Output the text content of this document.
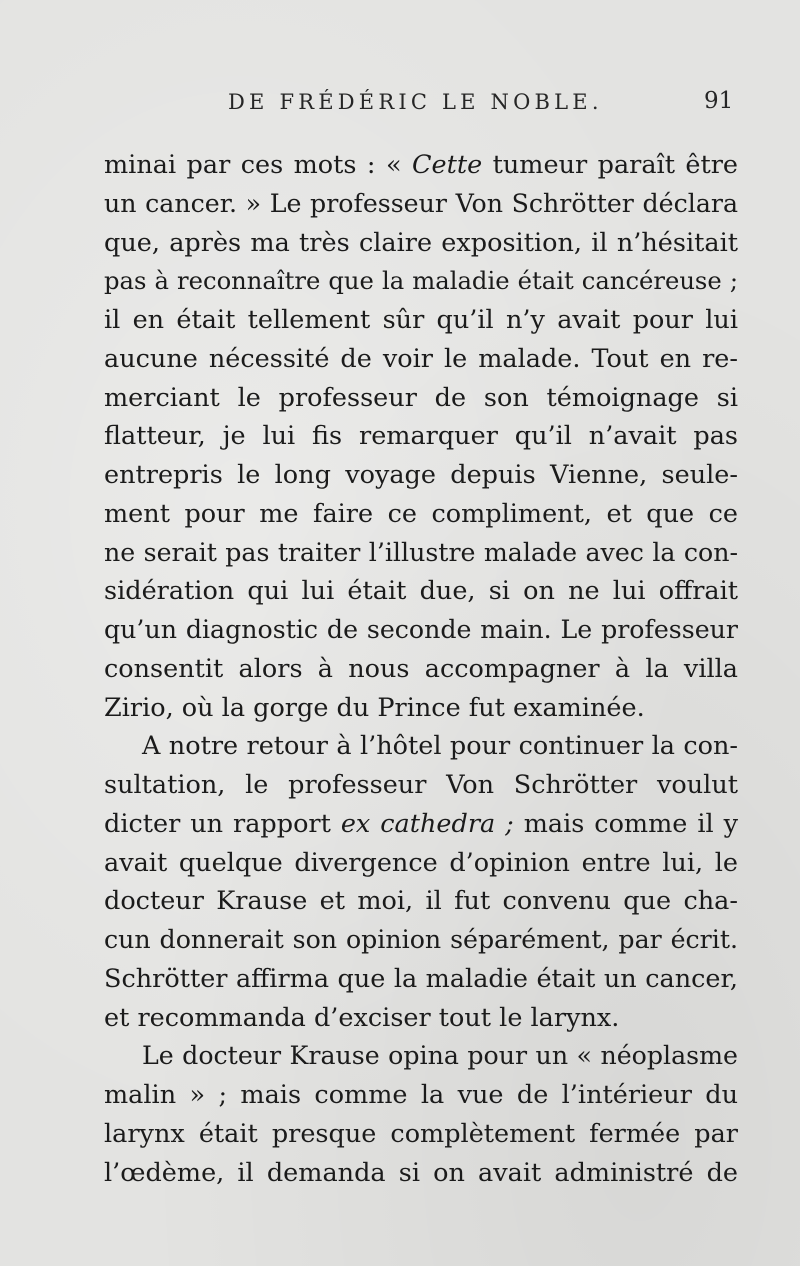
DE FRÉDÉRIC LE NOBLE.	91
minai par ces mots : « Cette tumeur paraît être
un cancer. » Le professeur Von Schrötter déclara
que, après ma très claire exposition, il n’hésitait
pas à reconnaître que la maladie était cancéreuse ;
il en était tellement sûr qu’il n’y avait pour lui
aucune nécessité de voir le malade. Tout en re-
merciant le professeur de son témoignage si
flatteur, je lui fis remarquer qu’il n’avait pas
entrepris le long voyage depuis Vienne, seule-
ment pour me faire ce compliment, et que ce
ne serait pas traiter l’illustre malade avec la con-
sidération qui lui était due, si on ne lui offrait
qu’un diagnostic de seconde main. Le professeur
consentit alors à nous accompagner à la villa
Zirio, où la gorge du Prince fut examinée.
A notre retour à l’hôtel pour continuer la con-
sultation, le professeur Von Schrötter voulut
dicter un rapport ex cathedra ; mais comme il y
avait quelque divergence d’opinion entre lui, le
docteur Krause et moi, il fut convenu que cha-
cun donnerait son opinion séparément, par écrit.
Schrötter affirma que la maladie était un cancer,
et recommanda d’exciser tout le larynx.
Le docteur Krause opina pour un « néoplasme
malin » ; mais comme la vue de l’intérieur du
larynx était presque complètement fermée par
l’œdème, il demanda si on avait administré de
